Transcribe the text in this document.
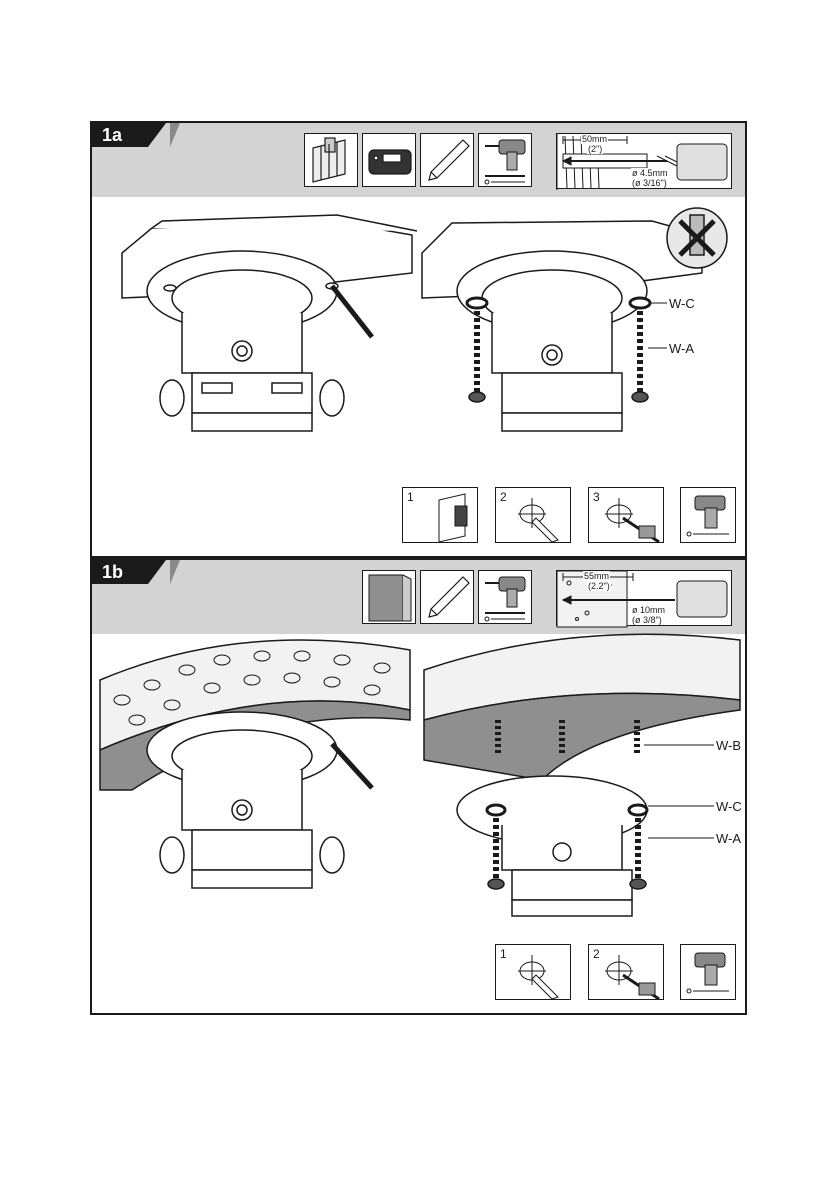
1a	50mm
(2")
ø 4.5mm
(ø 3/16")
W-C
W-A
1	2	3
1b	55mm
(2.2")
ø 10mm
(ø 3/8")
W-B
W-C
W-A
1	2
